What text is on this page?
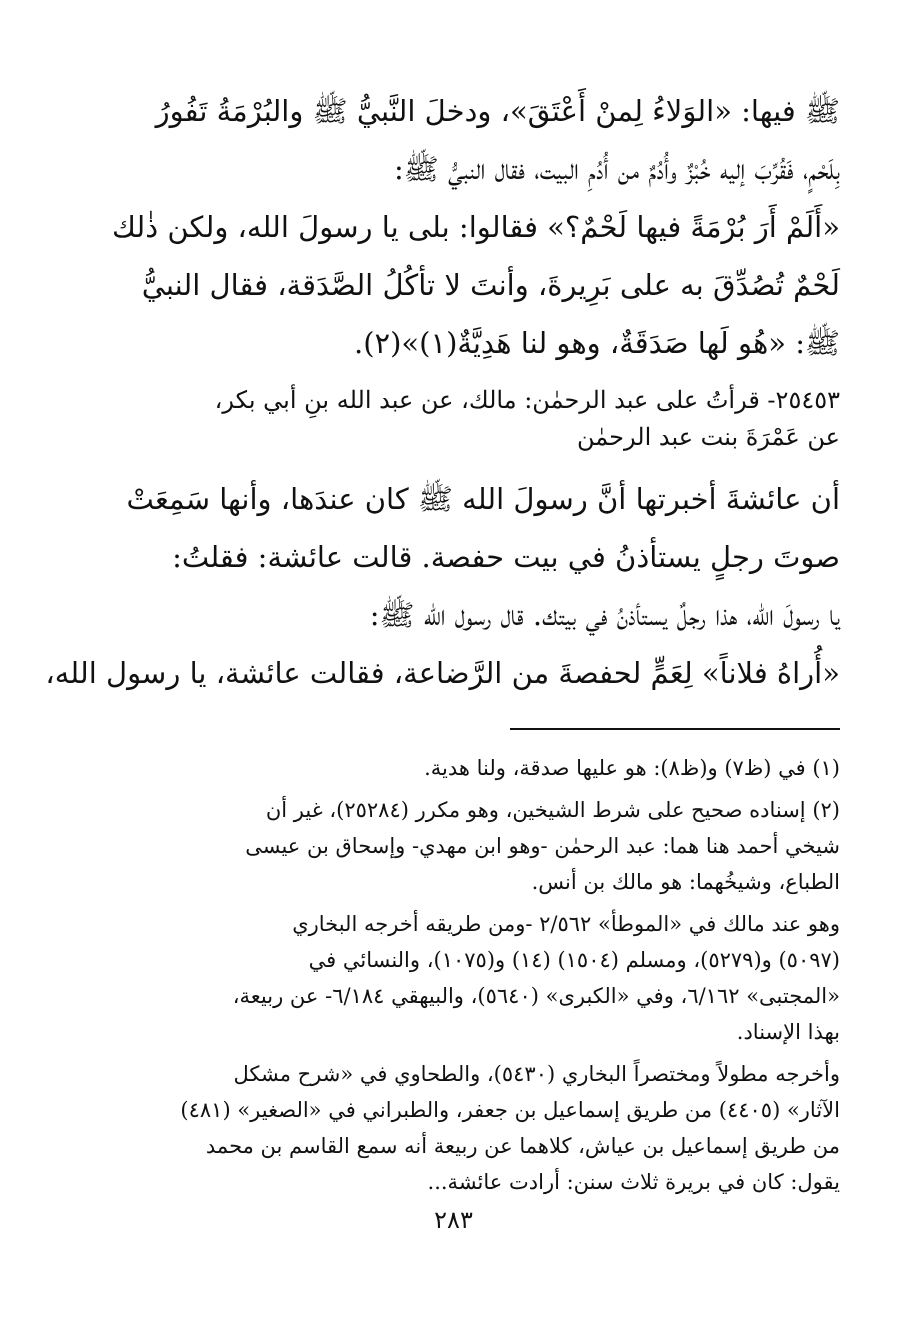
ﷺ فيها: «الوَلاءُ لِمنْ أَعْتَقَ»، ودخلَ النَّبيُّ ﷺ والبُرْمَةُ تَفُورُ
بِلَحْمٍ، فَقُرِّبَ إليه خُبْزٌ وأُدُمٌ من أُدُمِ البيت، فقال النبيُّ ﷺ:
«أَلَمْ أَرَ بُرْمَةً فيها لَحْمٌ؟» فقالوا: بلى يا رسولَ الله، ولكن ذٰلك
لَحْمٌ تُصُدِّقَ به على بَرِيرةَ، وأنتَ لا تأكُلُ الصَّدَقة، فقال النبيُّ
ﷺ: «هُو لَها صَدَقَةٌ، وهو لنا هَدِيَّةٌ(١)»(٢).
٢٥٤٥٣- قرأتُ على عبد الرحمٰن: مالك، عن عبد الله بنِ أبي بكر،
عن عَمْرَةَ بنت عبد الرحمٰن
أن عائشةَ أخبرتها أنَّ رسولَ الله ﷺ كان عندَها، وأنها سَمِعَتْ
صوتَ رجلٍ يستأذنُ في بيت حفصة. قالت عائشة: فقلتُ:
يا رسولَ الله، هذا رجلٌ يستأذنُ في بيتك. قال رسول الله ﷺ:
«أُراهُ فلاناً» لِعَمٍّ لحفصةَ من الرَّضاعة، فقالت عائشة، يا رسول الله،
(١) في (ظ٧) و(ظ٨): هو عليها صدقة، ولنا هدية.
(٢) إسناده صحيح على شرط الشيخين، وهو مكرر (٢٥٢٨٤)، غير أن
شيخي أحمد هنا هما: عبد الرحمٰن -وهو ابن مهدي- وإسحاق بن عيسى
الطباع، وشيخُهما: هو مالك بن أنس.
وهو عند مالك في «الموطأ» ٢/٥٦٢ -ومن طريقه أخرجه البخاري
(٥٠٩٧) و(٥٢٧٩)، ومسلم (١٥٠٤) (١٤) و(١٠٧٥)، والنسائي في
«المجتبى» ٦/١٦٢، وفي «الكبرى» (٥٦٤٠)، والبيهقي ٦/١٨٤- عن ربيعة،
بهذا الإسناد.
وأخرجه مطولاً ومختصراً البخاري (٥٤٣٠)، والطحاوي في «شرح مشكل
الآثار» (٤٤٠٥) من طريق إسماعيل بن جعفر، والطبراني في «الصغير» (٤٨١)
من طريق إسماعيل بن عياش، كلاهما عن ربيعة أنه سمع القاسم بن محمد
يقول: كان في بريرة ثلاث سنن: أرادت عائشة...
٢٨٣
